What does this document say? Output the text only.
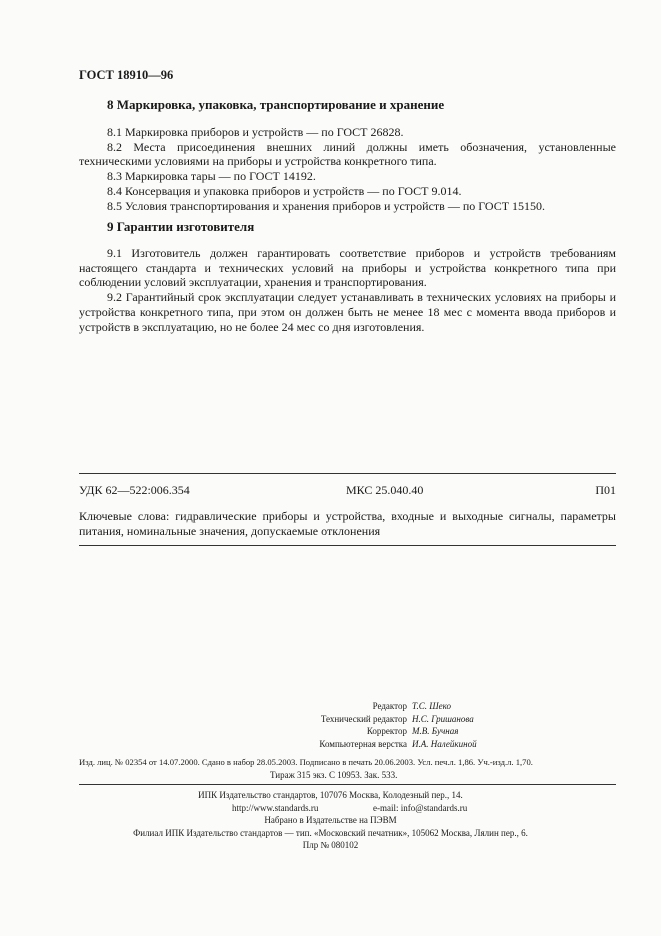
ГОСТ 18910—96
8 Маркировка, упаковка, транспортирование и хранение

8.1 Маркировка приборов и устройств — по ГОСТ 26828.

8.2 Места присоединения внешних линий должны иметь обозначения, установленные техническими условиями на приборы и устройства конкретного типа.

8.3 Маркировка тары — по ГОСТ 14192.

8.4 Консервация и упаковка приборов и устройств — по ГОСТ 9.014.

8.5 Условия транспортирования и хранения приборов и устройств — по ГОСТ 15150.

9 Гарантии изготовителя

9.1 Изготовитель должен гарантировать соответствие приборов и устройств требованиям настоящего стандарта и технических условий на приборы и устройства конкретного типа при соблюдении условий эксплуатации, хранения и транспортирования.

9.2 Гарантийный срок эксплуатации следует устанавливать в технических условиях на приборы и устройства конкретного типа, при этом он должен быть не менее 18 мес с момента ввода приборов и устройств в эксплуатацию, но не более 24 мес со дня изготовления.

УДК 62—522:006.354	МКС 25.040.40	П01
Ключевые слова: гидравлические приборы и устройства, входные и выходные сигналы, параметры питания, номинальные значения, допускаемые отклонения
Редактор Т.С. Шеко
Технический редактор Н.С. Гришанова
Корректор М.В. Бучная
Компьютерная верстка И.А. Налейкиной
Изд. лиц. № 02354 от 14.07.2000. Сдано в набор 28.05.2003. Подписано в печать 20.06.2003. Усл. печ.л. 1,86. Уч.-изд.л. 1,70.
Тираж 315 экз. С 10953. Зак. 533.
ИПК Издательство стандартов, 107076 Москва, Колодезный пер., 14.
http://www.standards.ru	e-mail: info@standards.ru
Набрано в Издательстве на ПЭВМ
Филиал ИПК Издательство стандартов — тип. «Московский печатник», 105062 Москва, Лялин пер., 6.
Плр № 080102
